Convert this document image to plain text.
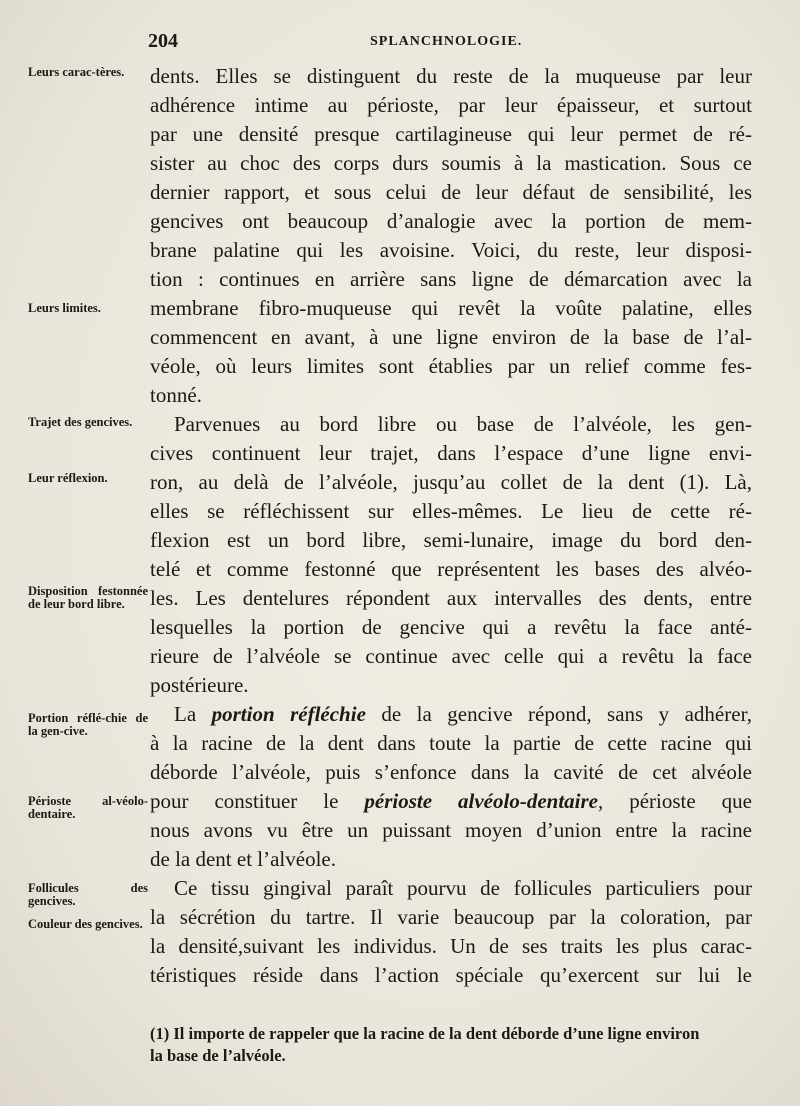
204	SPLANCHNOLOGIE.
Leurs carac-tères.
Leurs limites.
Trajet des gencives.
Leur réflexion.
Disposition festonnée de leur bord libre.
Portion réflé-chie de la gen-cive.
Périoste al-véolo-dentaire.
Follicules des gencives.
Couleur des gencives.
dents. Elles se distinguent du reste de la muqueuse par leur
adhérence intime au périoste, par leur épaisseur, et surtout
par une densité presque cartilagineuse qui leur permet de ré-
sister au choc des corps durs soumis à la mastication. Sous ce
dernier rapport, et sous celui de leur défaut de sensibilité, les
gencives ont beaucoup d’analogie avec la portion de mem-
brane palatine qui les avoisine. Voici, du reste, leur disposi-
tion : continues en arrière sans ligne de démarcation avec la
membrane fibro-muqueuse qui revêt la voûte palatine, elles
commencent en avant, à une ligne environ de la base de l’al-
véole, où leurs limites sont établies par un relief comme fes-
tonné.
Parvenues au bord libre ou base de l’alvéole, les gen-
cives continuent leur trajet, dans l’espace d’une ligne envi-
ron, au delà de l’alvéole, jusqu’au collet de la dent (1). Là,
elles se réfléchissent sur elles-mêmes. Le lieu de cette ré-
flexion est un bord libre, semi-lunaire, image du bord den-
telé et comme festonné que représentent les bases des alvéo-
les. Les dentelures répondent aux intervalles des dents, entre
lesquelles la portion de gencive qui a revêtu la face anté-
rieure de l’alvéole se continue avec celle qui a revêtu la face
postérieure.
La portion réfléchie de la gencive répond, sans y adhérer,
à la racine de la dent dans toute la partie de cette racine qui
déborde l’alvéole, puis s’enfonce dans la cavité de cet alvéole
pour constituer le périoste alvéolo-dentaire, périoste que
nous avons vu être un puissant moyen d’union entre la racine
de la dent et l’alvéole.
Ce tissu gingival paraît pourvu de follicules particuliers pour
la sécrétion du tartre. Il varie beaucoup par la coloration, par
la densité,suivant les individus. Un de ses traits les plus carac-
téristiques réside dans l’action spéciale qu’exercent sur lui le
(1) Il importe de rappeler que la racine de la dent déborde d’une ligne environ
la base de l’alvéole.
